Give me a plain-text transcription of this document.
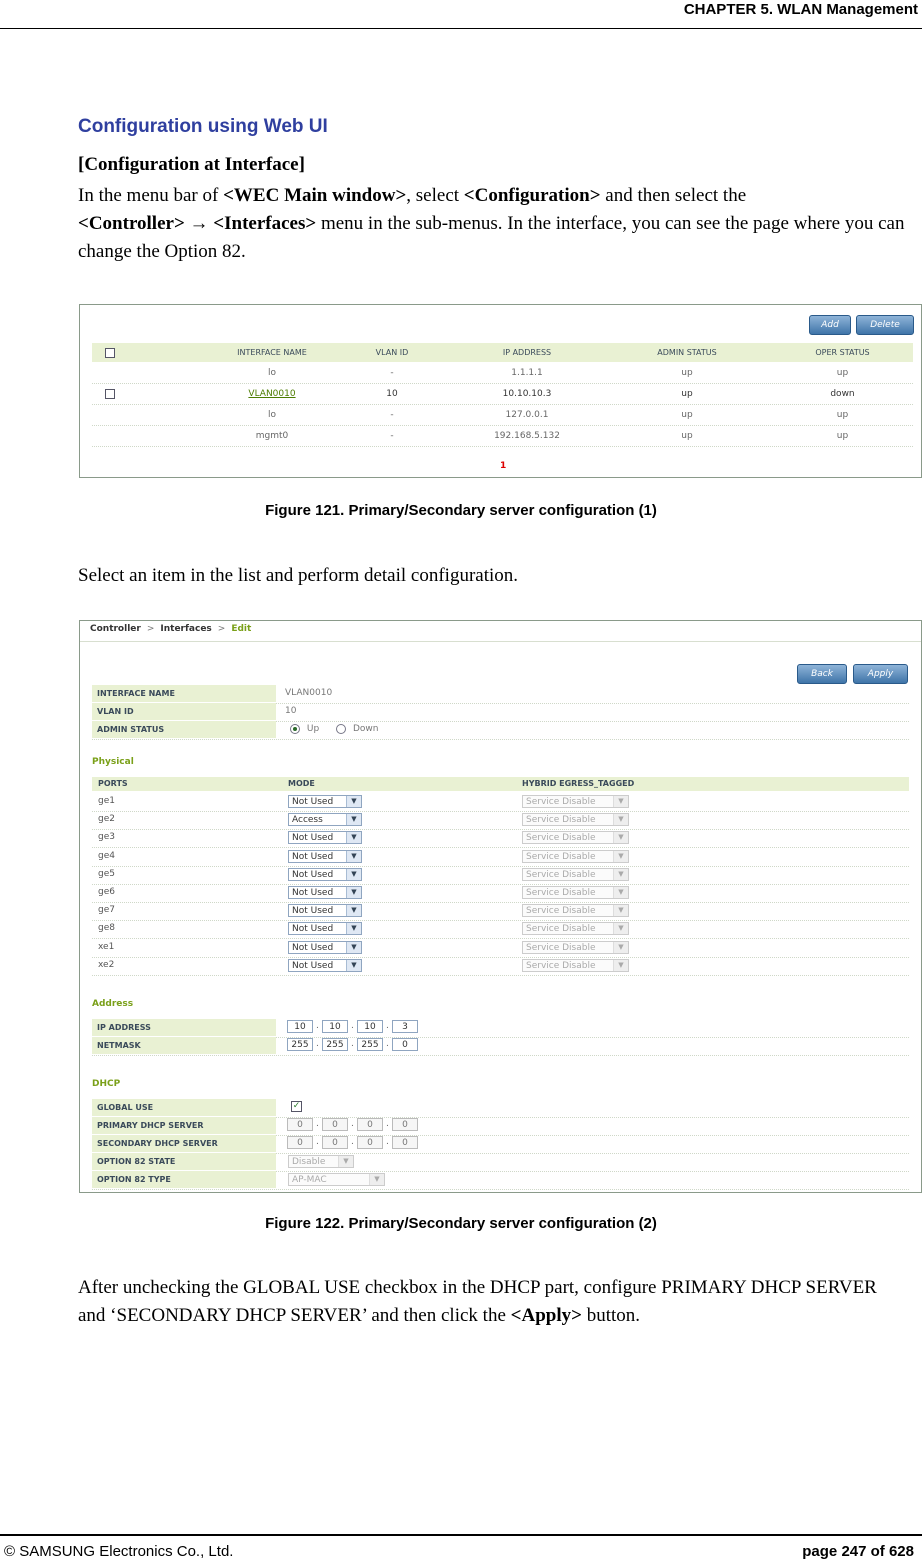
CHAPTER 5. WLAN Management
Configuration using Web UI
[Configuration at Interface]
In the menu bar of <WEC Main window>, select <Configuration> and then select the
<Controller> → <Interfaces> menu in the sub-menus. In the interface, you can see the page where you can change the Option 82.
Add	Delete
INTERFACE NAME	VLAN ID	IP ADDRESS	ADMIN STATUS	OPER STATUS
lo	-	1.1.1.1	up	up
VLAN0010	10	10.10.10.3	up	down
lo	-	127.0.0.1	up	up
mgmt0	-	192.168.5.132	up	up
1
Figure 121. Primary/Secondary server configuration (1)
Select an item in the list and perform detail configuration.
Controller > Interfaces > Edit
Back	Apply
INTERFACE NAME	VLAN0010
VLAN ID	10
ADMIN STATUS	Up	Down
Physical
PORTS	MODE	HYBRID EGRESS_TAGGED
ge1	Not Used	▼	Service Disable	▼
ge2	Access	▼	Service Disable	▼
ge3	Not Used	▼	Service Disable	▼
ge4	Not Used	▼	Service Disable	▼
ge5	Not Used	▼	Service Disable	▼
ge6	Not Used	▼	Service Disable	▼
ge7	Not Used	▼	Service Disable	▼
ge8	Not Used	▼	Service Disable	▼
xe1	Not Used	▼	Service Disable	▼
xe2	Not Used	▼	Service Disable	▼
Address
IP ADDRESS	10	.	10	.	10	.	3
NETMASK	255 . 255 . 255 .	0
DHCP
GLOBAL USE	✓
PRIMARY DHCP SERVER	0	.	0	.	0	.	0
SECONDARY DHCP SERVER	0	.	0	.	0	.	0
OPTION 82 STATE	Disable	▼
OPTION 82 TYPE	AP-MAC	▼
Figure 122. Primary/Secondary server configuration (2)
After unchecking the GLOBAL USE checkbox in the DHCP part, configure PRIMARY DHCP SERVER and ‘SECONDARY DHCP SERVER’ and then click the <Apply> button.
© SAMSUNG Electronics Co., Ltd.	page 247 of 628
